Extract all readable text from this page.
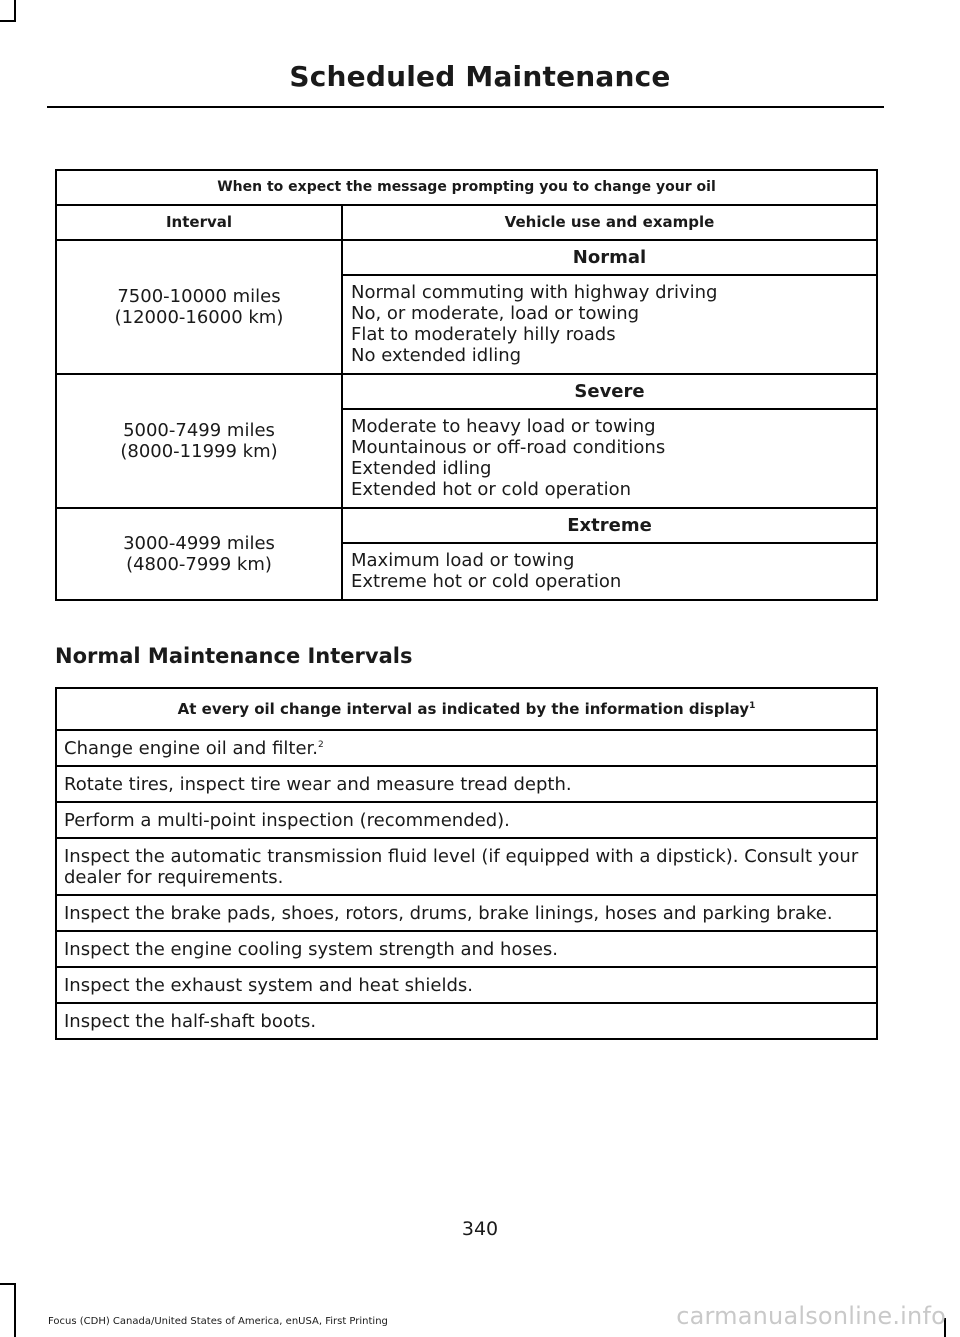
Scheduled Maintenance
When to expect the message prompting you to change your oil	
Interval	Vehicle use and example

7500-10000 miles
(12000-16000 km)	Normal

	Normal commuting with highway driving
No, or moderate, load or towing
Flat to moderately hilly roads
No extended idling

5000-7499 miles
(8000-11999 km)	Severe

	Moderate to heavy load or towing
Mountainous or off-road conditions
Extended idling
Extended hot or cold operation

3000-4999 miles
(4800-7999 km)	Extreme

	Maximum load or towing
Extreme hot or cold operation
Normal Maintenance Intervals
At every oil change interval as indicated by the information display$^1$
Change engine oil and filter.$^2$
Rotate tires, inspect tire wear and measure tread depth.
Perform a multi-point inspection (recommended).
Inspect the automatic transmission fluid level (if equipped with a dipstick). Consult your dealer for requirements.
Inspect the brake pads, shoes, rotors, drums, brake linings, hoses and parking brake.
Inspect the engine cooling system strength and hoses.
Inspect the exhaust system and heat shields.
Inspect the half-shaft boots.
340
Focus (CDH) Canada/United States of America, enUSA, First Printing	carmanualsonline.info
